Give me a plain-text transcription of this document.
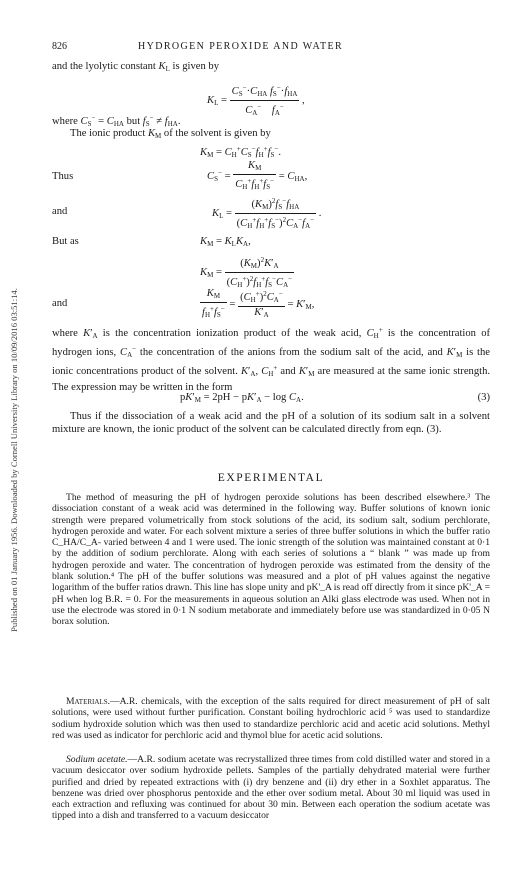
Published on 01 January 1956. Downloaded by Cornell University Library on 10/09/2016 03:51:14.
826	HYDROGEN PEROXIDE AND WATER
and the lyolytic constant $K_L$ is given by
$K_L = \frac{C_S^-\cdot C_{HA} f_S^-\cdot f_{HA}}{C_A^- f_A^-}$ ,
where $C_S^- = C_{HA}$ but $f_S^- \ne f_{HA}$.
The ionic product $K_M$ of the solvent is given by
$K_M = C_H^+C_S^-f_H^+f_S^-$.
Thus	$C_S^- = \frac{K_M}{C_H^+f_H^+f_S^-} = C_{HA}$,
and	$K_L = \frac{(K_M)^2f_S^-f_{HA}}{(C_H^+f_H^+f_S^-)^2C_A^-f_A^-}$ .
But as	$K_M = K_LK_A$,
$K_M = \frac{(K_M)^2K'_A}{(C_H^+)^2f_H^+f_S^-C_A^-}$
and	$\frac{K_M}{f_H^+f_S^-} = \frac{(C_H^+)^2C_A^-}{K'_A} = K'_M$,
where $K'_A$ is the concentration ionization product of the weak acid, $C_H^+$ is the concentration of hydrogen ions, $C_A^-$ the concentration of the anions from the sodium salt of the acid, and $K'_M$ is the ionic concentrations product of the solvent. $K'_A$, $C_H^+$ and $K'_M$ are measured at the same ionic strength. The expression may be written in the form
$pK'_M = 2pH - pK'_A - \log C_A$.	(3)
Thus if the dissociation of a weak acid and the pH of a solution of its sodium salt in a solvent mixture are known, the ionic product of the solvent can be calculated directly from eqn. (3).
EXPERIMENTAL
The method of measuring the pH of hydrogen peroxide solutions has been described elsewhere.³ The dissociation constant of a weak acid was determined in the following way. Buffer solutions of known ionic strength were prepared volumetrically from stock solutions of the acid, its sodium salt, sodium perchlorate, hydrogen peroxide and water. For each solvent mixture a series of three buffer solutions in which the buffer ratio C_HA/C_A- varied between 4 and 1 were used. The ionic strength of the solution was maintained constant at 0·1 by the addition of sodium perchlorate. Along with each series of solutions a “ blank ” was made up from hydrogen peroxide and water. The concentration of hydrogen peroxide was estimated from the density of the blank solution.⁴ The pH of the buffer solutions was measured and a plot of pH values against the negative logarithm of the buffer ratios drawn. This line has slope unity and pK'_A is read off directly from it since pK'_A = pH when log B.R. = 0. For the measurements in aqueous solution an Alki glass electrode was used. When not in use the electrode was stored in 0·1 N sodium metaborate and immediately before use was standardized in 0·05 N borax solution.
Materials.—A.R. chemicals, with the exception of the salts required for direct measurement of pH of salt solutions, were used without further purification. Constant boiling hydrochloric acid ⁵ was used to standardize sodium hydroxide solution which was then used to standardize perchloric acid and acetic acid solutions. Methyl red was used as indicator for perchloric acid and thymol blue for acetic acid solutions.
Sodium acetate.—A.R. sodium acetate was recrystallized three times from cold distilled water and stored in a vacuum desiccator over sodium hydroxide pellets. Samples of the partially dehydrated material were further purified and dried by repeated extractions with (i) dry benzene and (ii) dry ether in a Soxhlet apparatus. The benzene was dried over phosphorus pentoxide and the ether over sodium metal. About 30 ml liquid was used in each extraction and refluxing was continued for about 30 min. Between each operation the sodium acetate was tipped into a dish and transferred to a vacuum desiccator
